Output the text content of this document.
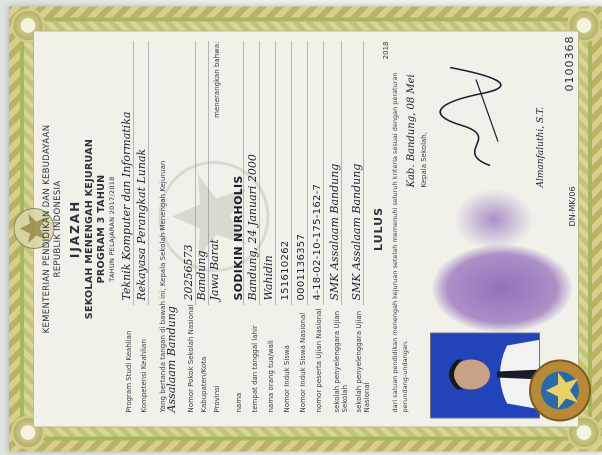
KEMENTERIAN PENDIDIKAN DAN KEBUDAYAAN REPUBLIK INDONESIA IJAZAH SEKOLAH MENENGAH KEJURUAN PROGRAM 3 TAHUN TAHUN PELAJARAN 2017/2018
Program Studi Keahlian
Teknik Komputer dan Informatika
Kompetensi Keahlian
Rekayasa Perangkat Lunak Yang bertanda tangan di bawah ini, Kepala Sekolah Menengah Kejuruan
Assalaam Bandung Nomor Pokok Sekolah Nasional
20256573
Kabupaten/Kota
Bandung
Provinsi
Jawa Barat
menerangkan bahwa:
nama
SODIKIN NURHOLIS
tempat dan tanggal lahir
Bandung, 24 Januari 2000
nama orang tua/wali
Wahidin
Nomor Induk Siswa
151610262
Nomor Induk Siswa Nasional
0001136357
nomor peserta Ujian Nasional
4-18-02-10-175-162-7
sekolah penyelenggara Ujian Sekolah
SMK Assalaam Bandung
sekolah penyelenggara Ujian Nasional
SMK Assalaam Bandung LULUS dari satuan pendidikan menengah kejuruan setelah memenuhi seluruh kriteria sesuai dengan peraturan perundang-undangan.
Kab. Bandung, 08 Mei
2018
Kepala Sekolah,	Almanfaluthi, S.T.
DN-MK/06
0100368
